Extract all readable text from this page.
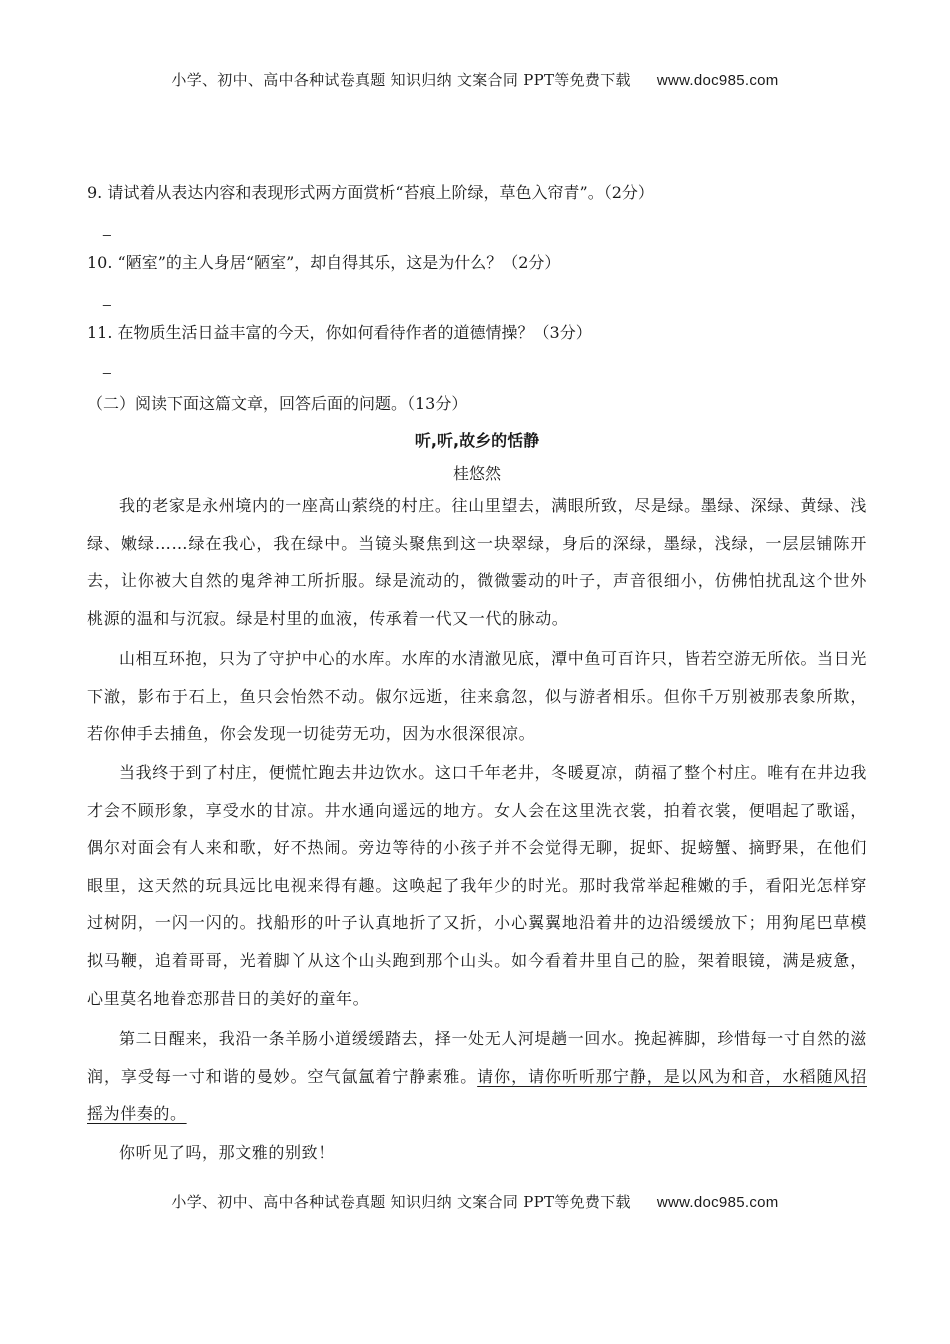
小学、初中、高中各种试卷真题 知识归纳 文案合同 PPT等免费下载 www.doc985.com
9. 请试着从表达内容和表现形式两方面赏析“苔痕上阶绿，草色入帘青”。（2分）
_
10. “陋室”的主人身居“陋室”，却自得其乐，这是为什么？（2分）
_
11. 在物质生活日益丰富的今天，你如何看待作者的道德情操？（3分）
_
（二）阅读下面这篇文章，回答后面的问题。（13分）
听,听,故乡的恬静
桂悠然

我的老家是永州境内的一座高山萦绕的村庄。往山里望去，满眼所致，尽是绿。墨绿、深绿、黄绿、浅绿、嫩绿……绿在我心，我在绿中。当镜头聚焦到这一块翠绿，身后的深绿，墨绿，浅绿，一层层铺陈开去，让你被大自然的鬼斧神工所折服。绿是流动的，微微霎动的叶子，声音很细小，仿佛怕扰乱这个世外桃源的温和与沉寂。绿是村里的血液，传承着一代又一代的脉动。

山相互环抱，只为了守护中心的水库。水库的水清澈见底，潭中鱼可百许只，皆若空游无所依。当日光下澈，影布于石上，鱼只会怡然不动。俶尔远逝，往来翕忽，似与游者相乐。但你千万别被那表象所欺，若你伸手去捕鱼，你会发现一切徒劳无功，因为水很深很凉。

当我终于到了村庄，便慌忙跑去井边饮水。这口千年老井，冬暖夏凉，荫福了整个村庄。唯有在井边我才会不顾形象，享受水的甘凉。井水通向遥远的地方。女人会在这里洗衣裳，拍着衣裳，便唱起了歌谣，偶尔对面会有人来和歌，好不热闹。旁边等待的小孩子并不会觉得无聊，捉虾、捉螃蟹、摘野果，在他们眼里，这天然的玩具远比电视来得有趣。这唤起了我年少的时光。那时我常举起稚嫩的手，看阳光怎样穿过树阴，一闪一闪的。找船形的叶子认真地折了又折，小心翼翼地沿着井的边沿缓缓放下；用狗尾巴草模拟马鞭，追着哥哥，光着脚丫从这个山头跑到那个山头。如今看着井里自己的脸，架着眼镜，满是疲惫，心里莫名地眷恋那昔日的美好的童年。

第二日醒来，我沿一条羊肠小道缓缓踏去，择一处无人河堤趟一回水。挽起裤脚，珍惜每一寸自然的滋润，享受每一寸和谐的曼妙。空气氤氲着宁静素雅。请你，请你听听那宁静，是以风为和音，水稻随风招摇为伴奏的。

你听见了吗，那文雅的别致！

小学、初中、高中各种试卷真题 知识归纳 文案合同 PPT等免费下载 www.doc985.com
